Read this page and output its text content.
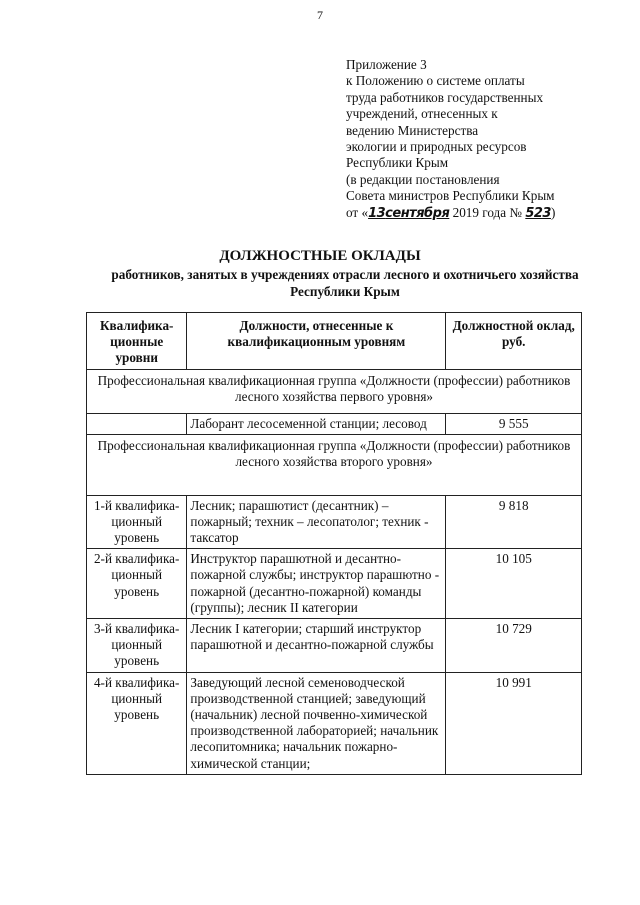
7
Приложение 3
к Положению о системе оплаты
труда работников государственных
учреждений, отнесенных к
ведению Министерства
экологии и природных ресурсов
Республики Крым
(в редакции постановления
Совета министров Республики Крым
от «13сентября 2019 года № 523)
ДОЛЖНОСТНЫЕ ОКЛАДЫ
работников, занятых в учреждениях отрасли лесного и охотничьего хозяйства Республики Крым
Квалифика-ционные уровни	Должности, отнесенные к квалификационным уровням	Должностной оклад, руб.
Профессиональная квалификационная группа «Должности (профессии) работников лесного хозяйства первого уровня»		
	Лаборант лесосеменной станции; лесовод	9 555
Профессиональная квалификационная группа «Должности (профессии) работников лесного хозяйства второго уровня»		
1-й квалифика-ционный уровень	Лесник; парашютист (десантник) – пожарный; техник – лесопатолог; техник - таксатор	9 818
2-й квалифика-ционный уровень	Инструктор парашютной и десантно-пожарной службы; инструктор парашютно - пожарной (десантно-пожарной) команды (группы); лесник II категории	10 105
3-й квалифика-ционный уровень	Лесник I категории; старший инструктор парашютной и десантно-пожарной службы	10 729
4-й квалифика-ционный уровень	Заведующий лесной семеноводческой производственной станцией; заведующий (начальник) лесной почвенно-химической производственной лабораторией; начальник лесопитомника; начальник пожарно-химической станции;	10 991
